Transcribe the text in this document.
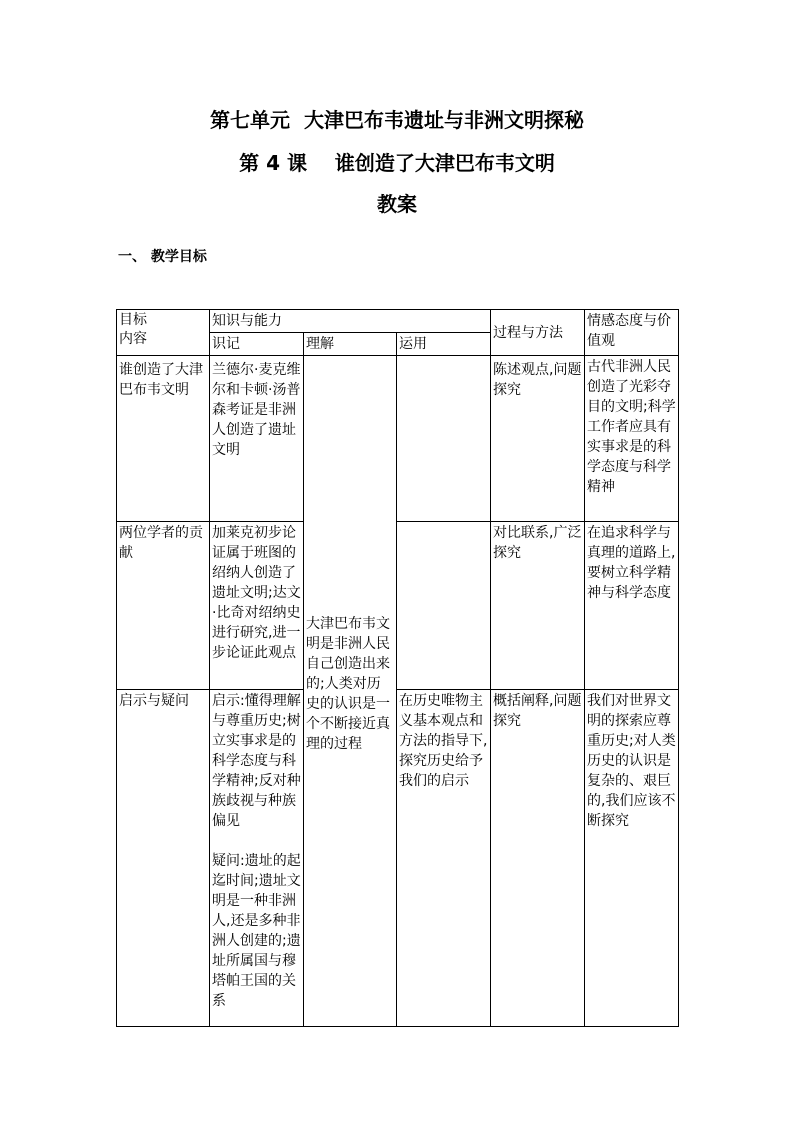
第七单元  大津巴布韦遗址与非洲文明探秘
第 4 课    谁创造了大津巴布韦文明
教案
一、 教学目标
目标
内容	知识与能力			过程与方法	情感态度与价值观
	识记	理解	运用		
谁创造了大津巴布韦文明	兰德尔·麦克维尔和卡顿·汤普森考证是非洲人创造了遗址文明	大津巴布韦文明是非洲人民自己创造出来的;人类对历史的认识是一个不断接近真理的过程		陈述观点,问题探究	古代非洲人民创造了光彩夺目的文明;科学工作者应具有实事求是的科学态度与科学精神
两位学者的贡献	加莱克初步论证属于班图的绍纳人创造了遗址文明;达文·比奇对绍纳史进行研究,进一步论证此观点			对比联系,广泛探究	在追求科学与真理的道路上,要树立科学精神与科学态度
启示与疑问	启示:懂得理解与尊重历史;树立实事求是的科学态度与科学精神;反对种族歧视与种族偏见
疑问:遗址的起迄时间;遗址文明是一种非洲人,还是多种非洲人创建的;遗址所属国与穆塔帕王国的关系		在历史唯物主义基本观点和方法的指导下,探究历史给予我们的启示	概括阐释,问题探究	我们对世界文明的探索应尊重历史;对人类历史的认识是复杂的、艰巨的,我们应该不断探究
